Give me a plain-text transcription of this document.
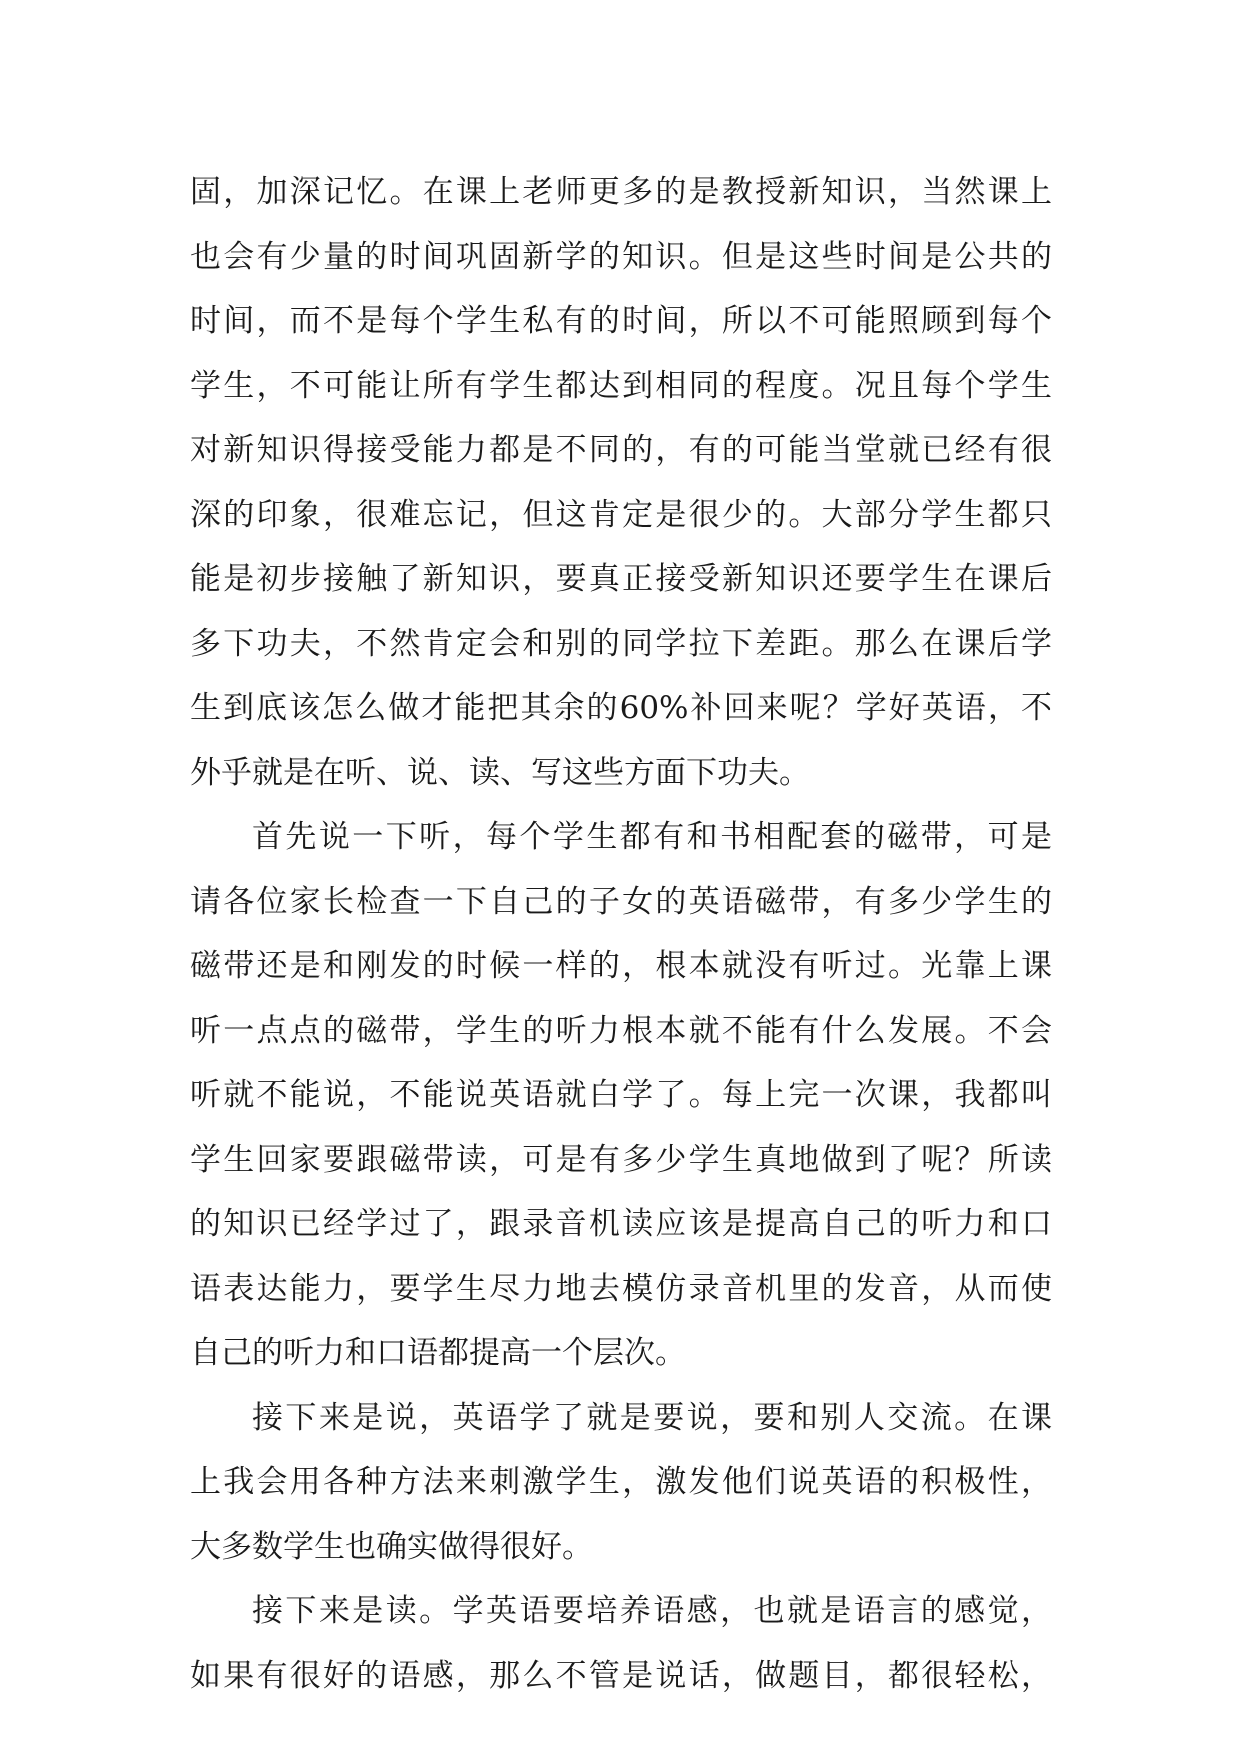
固，加深记忆。在课上老师更多的是教授新知识，当然课上
也会有少量的时间巩固新学的知识。但是这些时间是公共的
时间，而不是每个学生私有的时间，所以不可能照顾到每个
学生，不可能让所有学生都达到相同的程度。况且每个学生
对新知识得接受能力都是不同的，有的可能当堂就已经有很
深的印象，很难忘记，但这肯定是很少的。大部分学生都只
能是初步接触了新知识，要真正接受新知识还要学生在课后
多下功夫，不然肯定会和别的同学拉下差距。那么在课后学
生到底该怎么做才能把其余的60%补回来呢？学好英语，不
外乎就是在听、说、读、写这些方面下功夫。
首先说一下听，每个学生都有和书相配套的磁带，可是
请各位家长检查一下自己的子女的英语磁带，有多少学生的
磁带还是和刚发的时候一样的，根本就没有听过。光靠上课
听一点点的磁带，学生的听力根本就不能有什么发展。不会
听就不能说，不能说英语就白学了。每上完一次课，我都叫
学生回家要跟磁带读，可是有多少学生真地做到了呢？所读
的知识已经学过了，跟录音机读应该是提高自己的听力和口
语表达能力，要学生尽力地去模仿录音机里的发音，从而使
自己的听力和口语都提高一个层次。
接下来是说，英语学了就是要说，要和别人交流。在课
上我会用各种方法来刺激学生，激发他们说英语的积极性，
大多数学生也确实做得很好。
接下来是读。学英语要培养语感，也就是语言的感觉，
如果有很好的语感，那么不管是说话，做题目，都很轻松，
